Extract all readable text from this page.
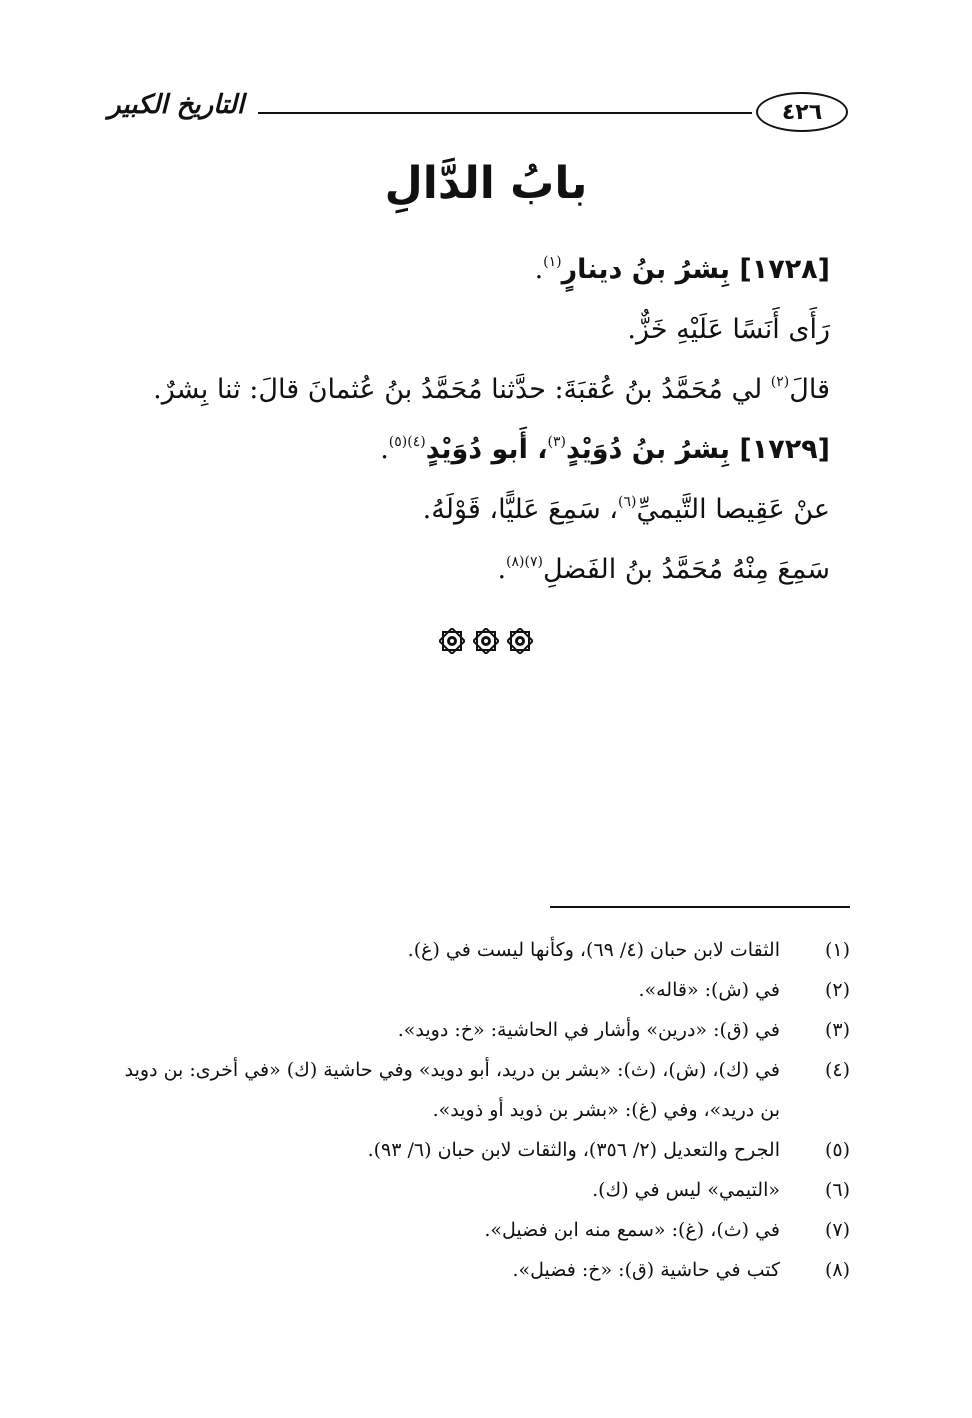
٤٢٦
التاريخ الكبير
بابُ الدَّالِ
[١٧٢٨] بِشرُ بنُ دينارٍ$^{(١)}$.
رَأَى أَنَسًا عَلَيْهِ خَزٌّ.
قالَ$^{(٢)}$ لي مُحَمَّدُ بنُ عُقبَةَ: حدَّثنا مُحَمَّدُ بنُ عُثمانَ قالَ: ثنا بِشرٌ.
[١٧٢٩] بِشرُ بنُ دُوَيْدٍ$^{(٣)}$، أَبو دُوَيْدٍ$^{(٤)(٥)}$.
عنْ عَقِيصا التَّيميِّ$^{(٦)}$، سَمِعَ عَليًّا، قَوْلَهُ.
سَمِعَ مِنْهُ مُحَمَّدُ بنُ الفَضلِ$^{(٧)(٨)}$.
(١)
الثقات لابن حبان (٤/ ٦٩)، وكأنها ليست في (غ).
(٢)
في (ش): «قاله».
(٣)
في (ق): «درين» وأشار في الحاشية: «خ: دويد».
(٤)
في (ك)، (ش)، (ث): «بشر بن دريد، أبو دويد» وفي حاشية (ك) «في أخرى: بن دويد بن دريد»، وفي (غ): «بشر بن ذويد أو ذويد».
(٥)
الجرح والتعديل (٢/ ٣٥٦)، والثقات لابن حبان (٦/ ٩٣).
(٦)
«التيمي» ليس في (ك).
(٧)
في (ث)، (غ): «سمع منه ابن فضيل».
(٨)
كتب في حاشية (ق): «خ: فضيل».
